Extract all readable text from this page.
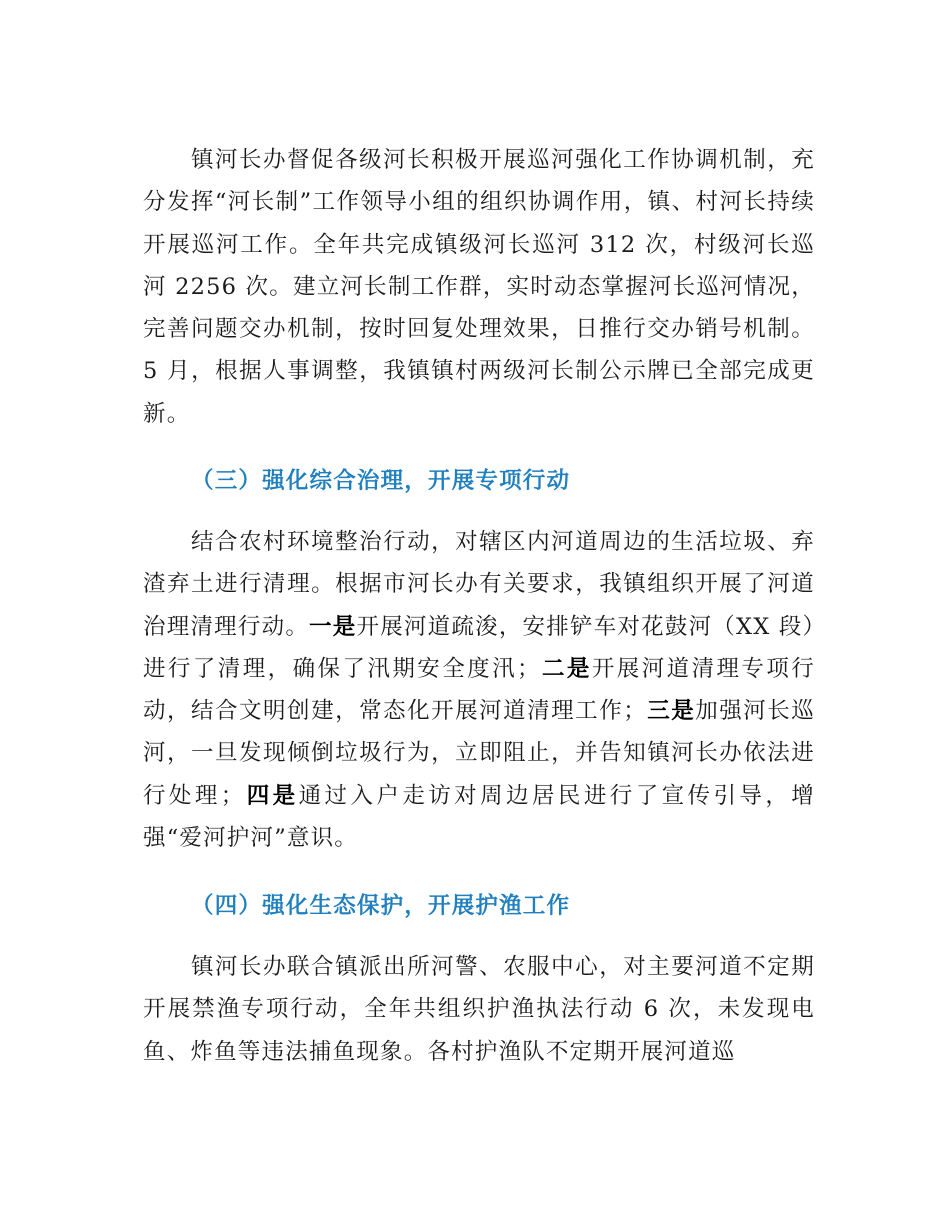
镇河长办督促各级河长积极开展巡河强化工作协调机制，充分发挥“河长制”工作领导小组的组织协调作用，镇、村河长持续开展巡河工作。全年共完成镇级河长巡河 312 次，村级河长巡河 2256 次。建立河长制工作群，实时动态掌握河长巡河情况，完善问题交办机制，按时回复处理效果，日推行交办销号机制。5 月，根据人事调整，我镇镇村两级河长制公示牌已全部完成更新。

（三）强化综合治理，开展专项行动

结合农村环境整治行动，对辖区内河道周边的生活垃圾、弃渣弃土进行清理。根据市河长办有关要求，我镇组织开展了河道治理清理行动。一是开展河道疏浚，安排铲车对花鼓河（XX 段）进行了清理，确保了汛期安全度汛；二是开展河道清理专项行动，结合文明创建，常态化开展河道清理工作；三是加强河长巡河，一旦发现倾倒垃圾行为，立即阻止，并告知镇河长办依法进行处理；四是通过入户走访对周边居民进行了宣传引导，增强“爱河护河”意识。

（四）强化生态保护，开展护渔工作

镇河长办联合镇派出所河警、农服中心，对主要河道不定期开展禁渔专项行动，全年共组织护渔执法行动 6 次，未发现电鱼、炸鱼等违法捕鱼现象。各村护渔队不定期开展河道巡
